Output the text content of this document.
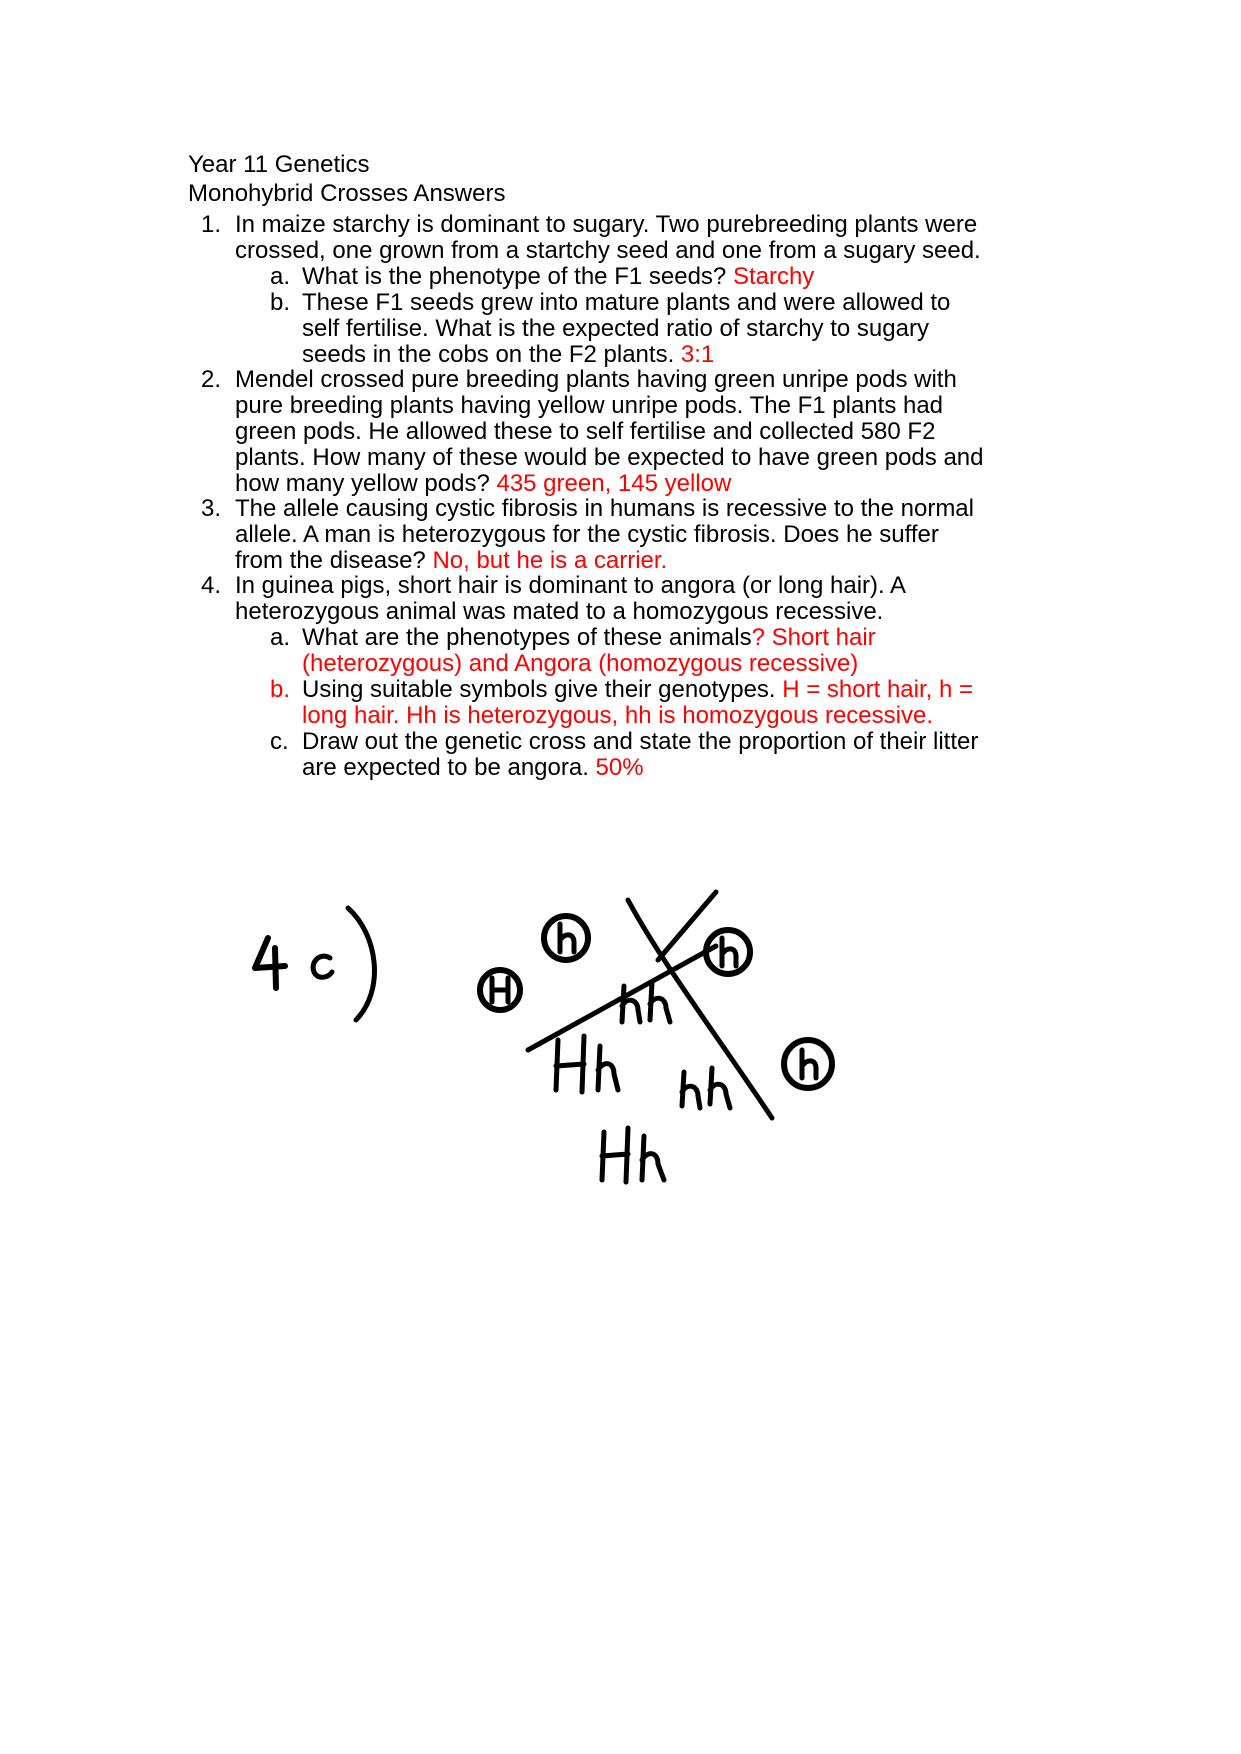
Year 11 Genetics
Monohybrid Crosses Answers
1. In maize starchy is dominant to sugary. Two purebreeding plants were
crossed, one grown from a startchy seed and one from a sugary seed.
a. What is the phenotype of the F1 seeds? Starchy
b. These F1 seeds grew into mature plants and were allowed to
self fertilise. What is the expected ratio of starchy to sugary
seeds in the cobs on the F2 plants. 3:1
2. Mendel crossed pure breeding plants having green unripe pods with
pure breeding plants having yellow unripe pods. The F1 plants had
green pods. He allowed these to self fertilise and collected 580 F2
plants. How many of these would be expected to have green pods and
how many yellow pods? 435 green, 145 yellow
3. The allele causing cystic fibrosis in humans is recessive to the normal
allele. A man is heterozygous for the cystic fibrosis. Does he suffer
from the disease? No, but he is a carrier.
4. In guinea pigs, short hair is dominant to angora (or long hair). A
heterozygous animal was mated to a homozygous recessive.
a. What are the phenotypes of these animals? Short hair
(heterozygous) and Angora (homozygous recessive)
b. Using suitable symbols give their genotypes. H = short hair, h =
long hair. Hh is heterozygous, hh is homozygous recessive.
c. Draw out the genetic cross and state the proportion of their litter
are expected to be angora. 50%
